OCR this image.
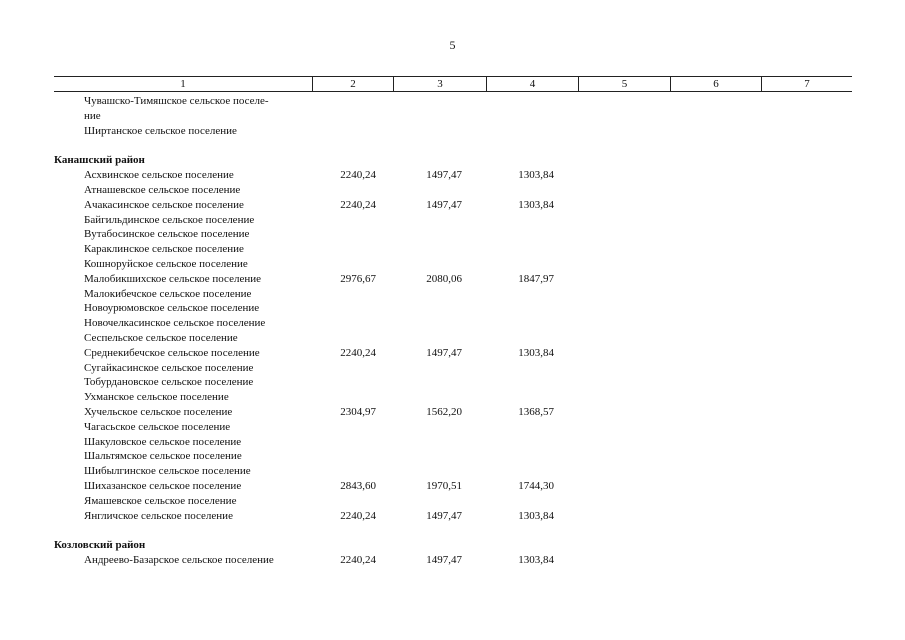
5
1	2	3	4	5	6	7
Чувашско-Тимяшское сельское поселе-
ние
Ширтанское сельское поселение
Канашский район
Асхвинское сельское поселение	2240,24	1497,47	1303,84
Атнашевское сельское поселение
Ачакасинское сельское поселение	2240,24	1497,47	1303,84
Байгильдинское сельское поселение
Вутабосинское сельское поселение
Караклинское сельское поселение
Кошноруйское сельское поселение
Малобикшихское сельское поселение	2976,67	2080,06	1847,97
Малокибечское сельское поселение
Новоурюмовское сельское поселение
Новочелкасинское сельское поселение
Сеспельское сельское поселение
Среднекибечское сельское поселение	2240,24	1497,47	1303,84
Сугайкасинское сельское поселение
Тобурдановское сельское поселение
Ухманское сельское поселение
Хучельское сельское поселение	2304,97	1562,20	1368,57
Чагасьское сельское поселение
Шакуловское сельское поселение
Шальтямское сельское поселение
Шибылгинское сельское поселение
Шихазанское сельское поселение	2843,60	1970,51	1744,30
Ямашевское сельское поселение
Янгличское сельское поселение	2240,24	1497,47	1303,84
Козловский район
Андреево-Базарское сельское поселение	2240,24	1497,47	1303,84
